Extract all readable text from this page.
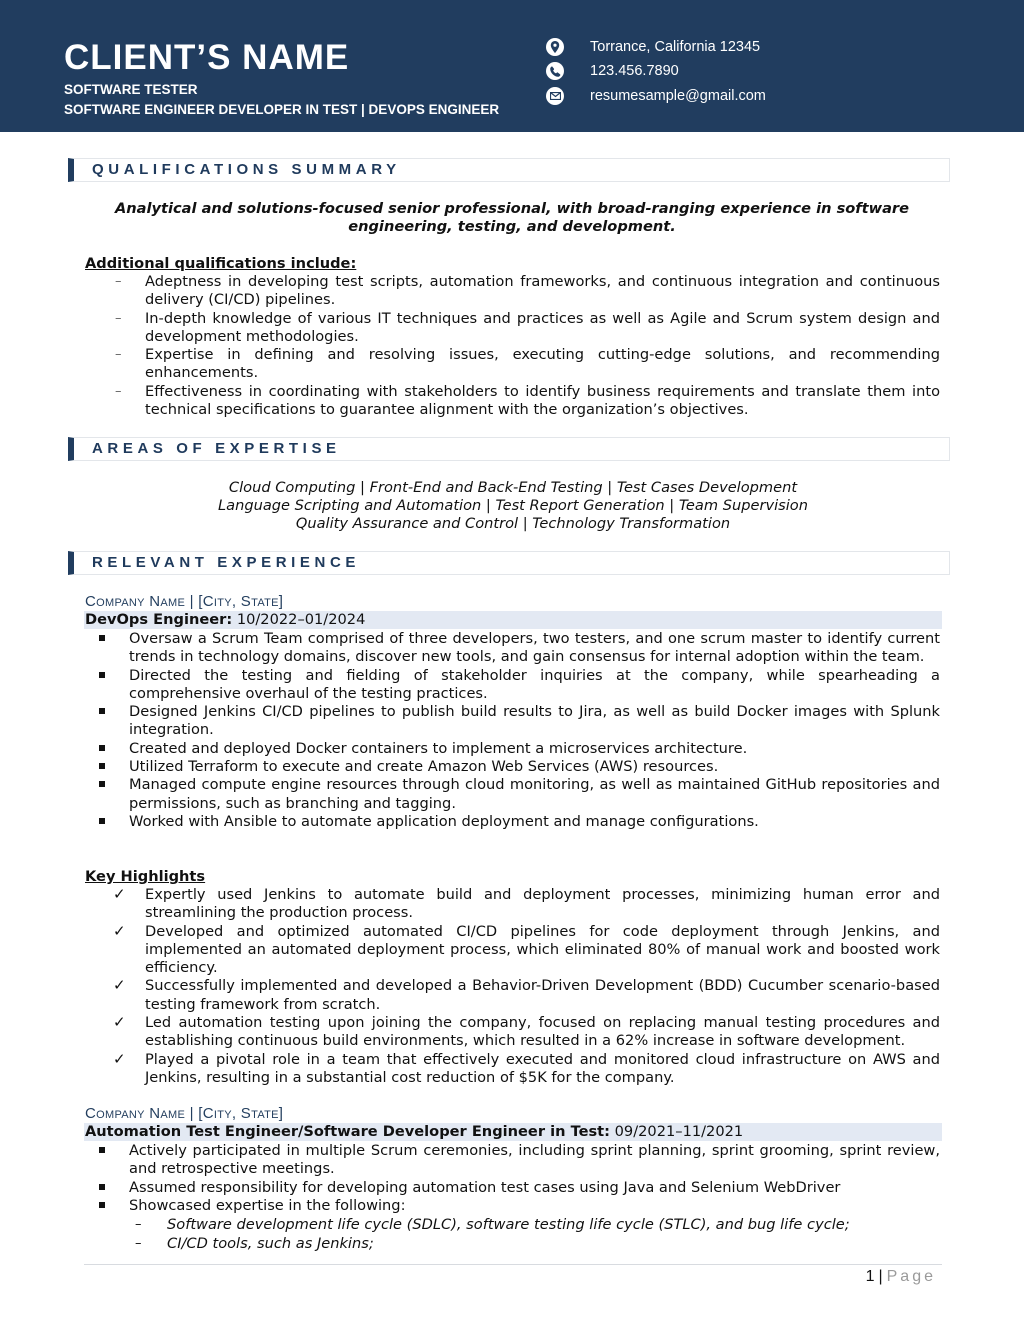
CLIENT’S NAME
SOFTWARE TESTER
SOFTWARE ENGINEER DEVELOPER IN TEST | DEVOPS ENGINEER
Torrance, California 12345
123.456.7890
resumesample@gmail.com
QUALIFICATIONS SUMMARY
Analytical and solutions-focused senior professional, with broad-ranging experience in software engineering, testing, and development.
Additional qualifications include:
– Adeptness in developing test scripts, automation frameworks, and continuous integration and continuous delivery (CI/CD) pipelines.
– In-depth knowledge of various IT techniques and practices as well as Agile and Scrum system design and development methodologies.
– Expertise in defining and resolving issues, executing cutting-edge solutions, and recommending enhancements.
– Effectiveness in coordinating with stakeholders to identify business requirements and translate them into technical specifications to guarantee alignment with the organization’s objectives.
AREAS OF EXPERTISE
Cloud Computing | Front-End and Back-End Testing | Test Cases Development
Language Scripting and Automation | Test Report Generation | Team Supervision
Quality Assurance and Control | Technology Transformation
RELEVANT EXPERIENCE
Company Name | [City, State]
DevOps Engineer: 10/2022–01/2024
Oversaw a Scrum Team comprised of three developers, two testers, and one scrum master to identify current trends in technology domains, discover new tools, and gain consensus for internal adoption within the team.
Directed the testing and fielding of stakeholder inquiries at the company, while spearheading a comprehensive overhaul of the testing practices.
Designed Jenkins CI/CD pipelines to publish build results to Jira, as well as build Docker images with Splunk integration.
Created and deployed Docker containers to implement a microservices architecture.
Utilized Terraform to execute and create Amazon Web Services (AWS) resources.
Managed compute engine resources through cloud monitoring, as well as maintained GitHub repositories and permissions, such as branching and tagging.
Worked with Ansible to automate application deployment and manage configurations.
Key Highlights
✓ Expertly used Jenkins to automate build and deployment processes, minimizing human error and streamlining the production process.
✓ Developed and optimized automated CI/CD pipelines for code deployment through Jenkins, and implemented an automated deployment process, which eliminated 80% of manual work and boosted work efficiency.
✓ Successfully implemented and developed a Behavior-Driven Development (BDD) Cucumber scenario-based testing framework from scratch.
✓ Led automation testing upon joining the company, focused on replacing manual testing procedures and establishing continuous build environments, which resulted in a 62% increase in software development.
✓ Played a pivotal role in a team that effectively executed and monitored cloud infrastructure on AWS and Jenkins, resulting in a substantial cost reduction of $5K for the company.
Company Name | [City, State]
Automation Test Engineer/Software Developer Engineer in Test: 09/2021–11/2021
Actively participated in multiple Scrum ceremonies, including sprint planning, sprint grooming, sprint review, and retrospective meetings.
Assumed responsibility for developing automation test cases using Java and Selenium WebDriver
Showcased expertise in the following:
– Software development life cycle (SDLC), software testing life cycle (STLC), and bug life cycle;
– CI/CD tools, such as Jenkins;
1 | Page
